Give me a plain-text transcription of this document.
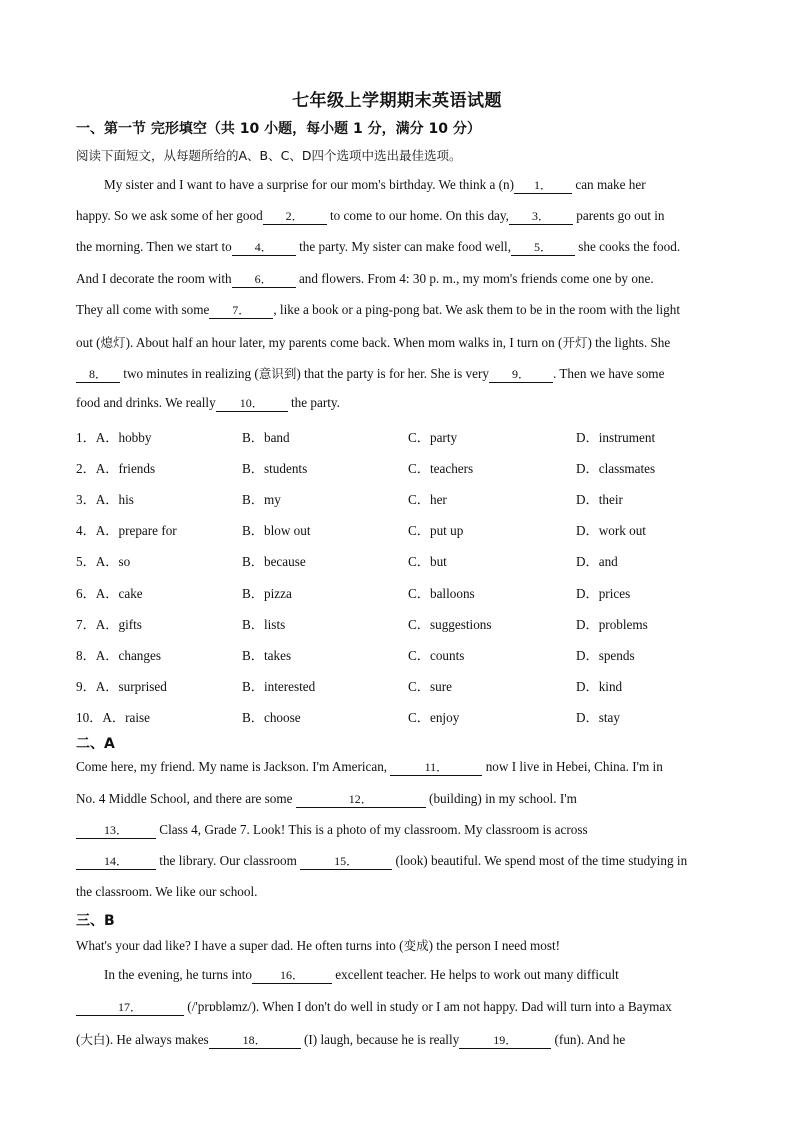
七年级上学期期末英语试题
一、第一节 完形填空（共 10 小题，每小题 1 分，满分 10 分）
阅读下面短文，从每题所给的A、B、C、D四个选项中选出最佳选项。
My sister and I want to have a surprise for our mom's birthday. We think a (n) 1． can make her
happy. So we ask some of her good 2． to come to our home. On this day, 3． parents go out in
the morning. Then we start to 4． the party. My sister can make food well, 5． she cooks the food.
And I decorate the room with 6． and flowers. From 4: 30 p. m., my mom's friends come one by one.
They all come with some 7． , like a book or a ping-pong bat. We ask them to be in the room with the light
out (熄灯). About half an hour later, my parents come back. When mom walks in, I turn on (开灯) the lights. She
8． two minutes in realizing (意识到) that the party is for her. She is very 9． . Then we have some
food and drinks. We really 10． the party.
1．A．hobby	B．band	C．party	D．instrument
2．A．friends	B．students	C．teachers	D．classmates
3．A．his	B．my	C．her	D．their
4．A．prepare for	B．blow out	C．put up	D．work out
5．A．so	B．because	C．but	D．and
6．A．cake	B．pizza	C．balloons	D．prices
7．A．gifts	B．lists	C．suggestions	D．problems
8．A．changes	B．takes	C．counts	D．spends
9．A．surprised	B．interested	C．sure	D．kind
10．A．raise	B．choose	C．enjoy	D．stay
二、A
Come here, my friend. My name is Jackson. I'm American,	11．	now I live in Hebei, China. I'm in
No. 4 Middle School, and there are some	12．	(building) in my school. I'm
13． Class 4, Grade 7. Look! This is a photo of my classroom. My classroom is across
14． the library. Our classroom	15．	(look) beautiful. We spend most of the time studying in
the classroom. We like our school.
三、B
What's your dad like? I have a super dad. He often turns into (变成) the person I need most!
In the evening, he turns into 16． excellent teacher. He helps to work out many difficult
17．	(/'prɒbləmz/). When I don't do well in study or I am not happy. Dad will turn into a Baymax
(大白). He always makes	18．	(I) laugh, because he is really	19．	(fun). And he
